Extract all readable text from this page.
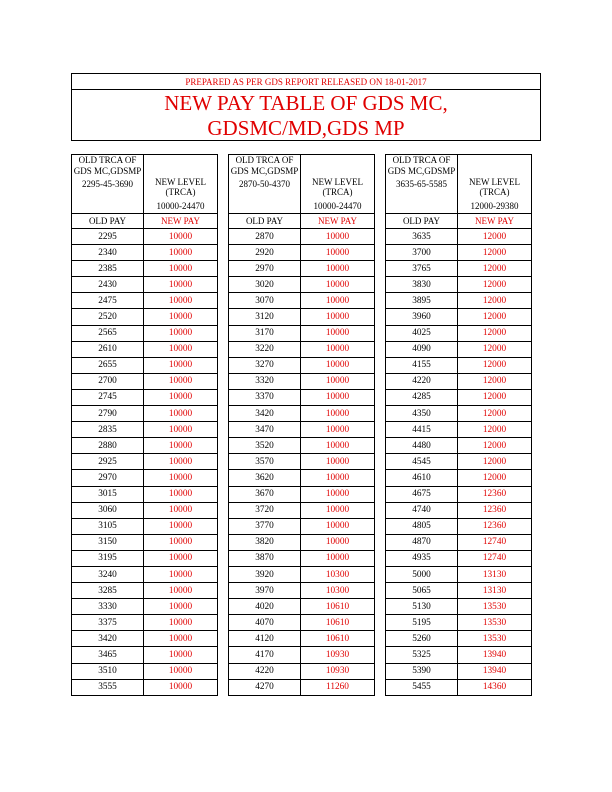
PREPARED AS PER GDS REPORT RELEASED ON 18-01-2017
NEW PAY TABLE OF GDS MC,
GDSMC/MD,GDS MP
OLD TRCA OF GDS MC,GDSMP
2295-45-3690	NEW LEVEL (TRCA)
10000-24470

OLD PAY	NEW PAY
2295	10000
2340	10000
2385	10000
2430	10000
2475	10000
2520	10000
2565	10000
2610	10000
2655	10000
2700	10000
2745	10000
2790	10000
2835	10000
2880	10000
2925	10000
2970	10000
3015	10000
3060	10000
3105	10000
3150	10000
3195	10000
3240	10000
3285	10000
3330	10000
3375	10000
3420	10000
3465	10000
3510	10000
3555	10000
OLD TRCA OF GDS MC,GDSMP
2870-50-4370	NEW LEVEL (TRCA)
10000-24470

OLD PAY	NEW PAY
2870	10000
2920	10000
2970	10000
3020	10000
3070	10000
3120	10000
3170	10000
3220	10000
3270	10000
3320	10000
3370	10000
3420	10000
3470	10000
3520	10000
3570	10000
3620	10000
3670	10000
3720	10000
3770	10000
3820	10000
3870	10000
3920	10300
3970	10300
4020	10610
4070	10610
4120	10610
4170	10930
4220	10930
4270	11260
OLD TRCA OF GDS MC,GDSMP
3635-65-5585	NEW LEVEL (TRCA)
12000-29380

OLD PAY	NEW PAY
3635	12000
3700	12000
3765	12000
3830	12000
3895	12000
3960	12000
4025	12000
4090	12000
4155	12000
4220	12000
4285	12000
4350	12000
4415	12000
4480	12000
4545	12000
4610	12000
4675	12360
4740	12360
4805	12360
4870	12740
4935	12740
5000	13130
5065	13130
5130	13530
5195	13530
5260	13530
5325	13940
5390	13940
5455	14360
